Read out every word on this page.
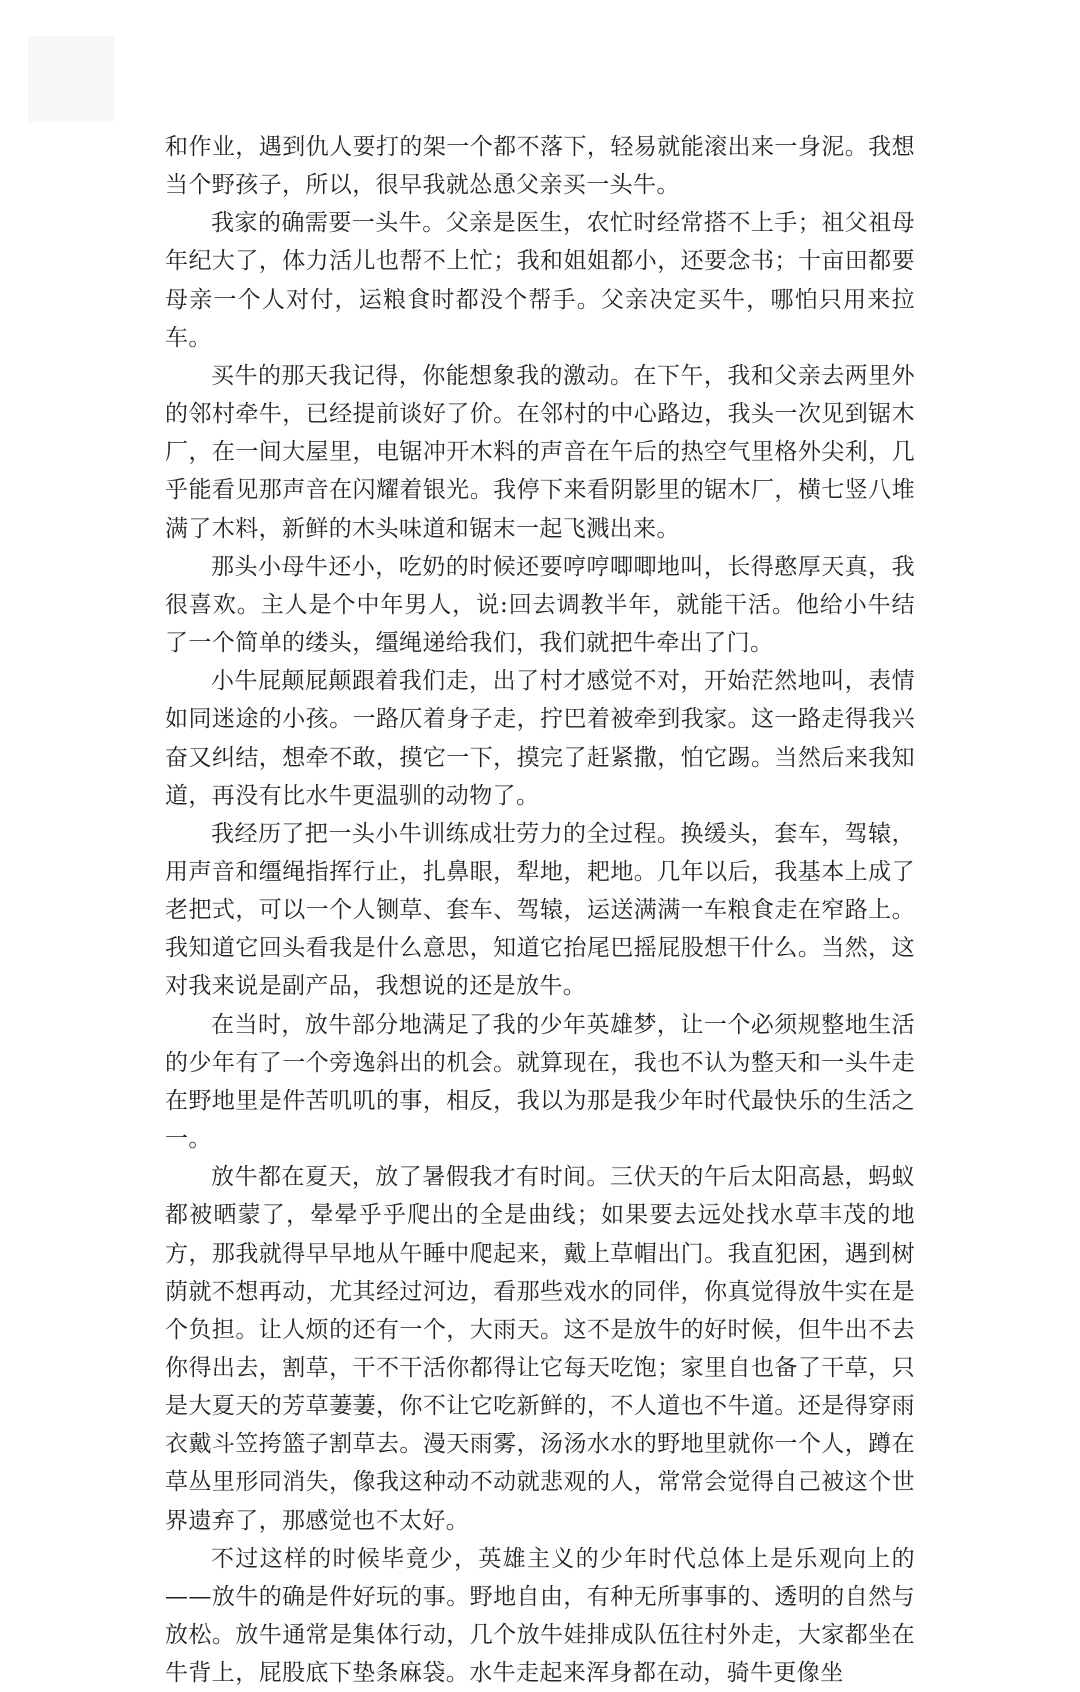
和作业，遇到仇人要打的架一个都不落下，轻易就能滚出来一身泥。我想当个野孩子，所以，很早我就怂恿父亲买一头牛。

我家的确需要一头牛。父亲是医生，农忙时经常搭不上手；祖父祖母年纪大了，体力活儿也帮不上忙；我和姐姐都小，还要念书；十亩田都要母亲一个人对付，运粮食时都没个帮手。父亲决定买牛，哪怕只用来拉车。

买牛的那天我记得，你能想象我的激动。在下午，我和父亲去两里外的邻村牵牛，已经提前谈好了价。在邻村的中心路边，我头一次见到锯木厂，在一间大屋里，电锯冲开木料的声音在午后的热空气里格外尖利，几乎能看见那声音在闪耀着银光。我停下来看阴影里的锯木厂，横七竖八堆满了木料，新鲜的木头味道和锯末一起飞溅出来。

那头小母牛还小，吃奶的时候还要哼哼唧唧地叫，长得憨厚天真，我很喜欢。主人是个中年男人，说:回去调教半年，就能干活。他给小牛结了一个简单的缕头，缰绳递给我们，我们就把牛牵出了门。

小牛屁颠屁颠跟着我们走，出了村才感觉不对，开始茫然地叫，表情如同迷途的小孩。一路仄着身子走，拧巴着被牵到我家。这一路走得我兴奋又纠结，想牵不敢，摸它一下，摸完了赶紧撒，怕它踢。当然后来我知道，再没有比水牛更温驯的动物了。

我经历了把一头小牛训练成壮劳力的全过程。换缓头，套车，驾辕，用声音和缰绳指挥行止，扎鼻眼，犁地，耙地。几年以后，我基本上成了老把式，可以一个人铡草、套车、驾辕，运送满满一车粮食走在窄路上。我知道它回头看我是什么意思，知道它抬尾巴摇屁股想干什么。当然，这对我来说是副产品，我想说的还是放牛。

在当时，放牛部分地满足了我的少年英雄梦，让一个必须规整地生活的少年有了一个旁逸斜出的机会。就算现在，我也不认为整天和一头牛走在野地里是件苦叽叽的事，相反，我以为那是我少年时代最快乐的生活之一。

放牛都在夏天，放了暑假我才有时间。三伏天的午后太阳高悬，蚂蚁都被晒蒙了，晕晕乎乎爬出的全是曲线；如果要去远处找水草丰茂的地方，那我就得早早地从午睡中爬起来，戴上草帽出门。我直犯困，遇到树荫就不想再动，尤其经过河边，看那些戏水的同伴，你真觉得放牛实在是个负担。让人烦的还有一个，大雨天。这不是放牛的好时候，但牛出不去你得出去，割草，干不干活你都得让它每天吃饱；家里自也备了干草，只是大夏天的芳草萋萋，你不让它吃新鲜的，不人道也不牛道。还是得穿雨衣戴斗笠挎篮子割草去。漫天雨雾，汤汤水水的野地里就你一个人，蹲在草丛里形同消失，像我这种动不动就悲观的人，常常会觉得自己被这个世界遗弃了，那感觉也不太好。

不过这样的时候毕竟少，英雄主义的少年时代总体上是乐观向上的——放牛的确是件好玩的事。野地自由，有种无所事事的、透明的自然与放松。放牛通常是集体行动，几个放牛娃排成队伍往村外走，大家都坐在牛背上，屁股底下垫条麻袋。水牛走起来浑身都在动，骑牛更像坐
